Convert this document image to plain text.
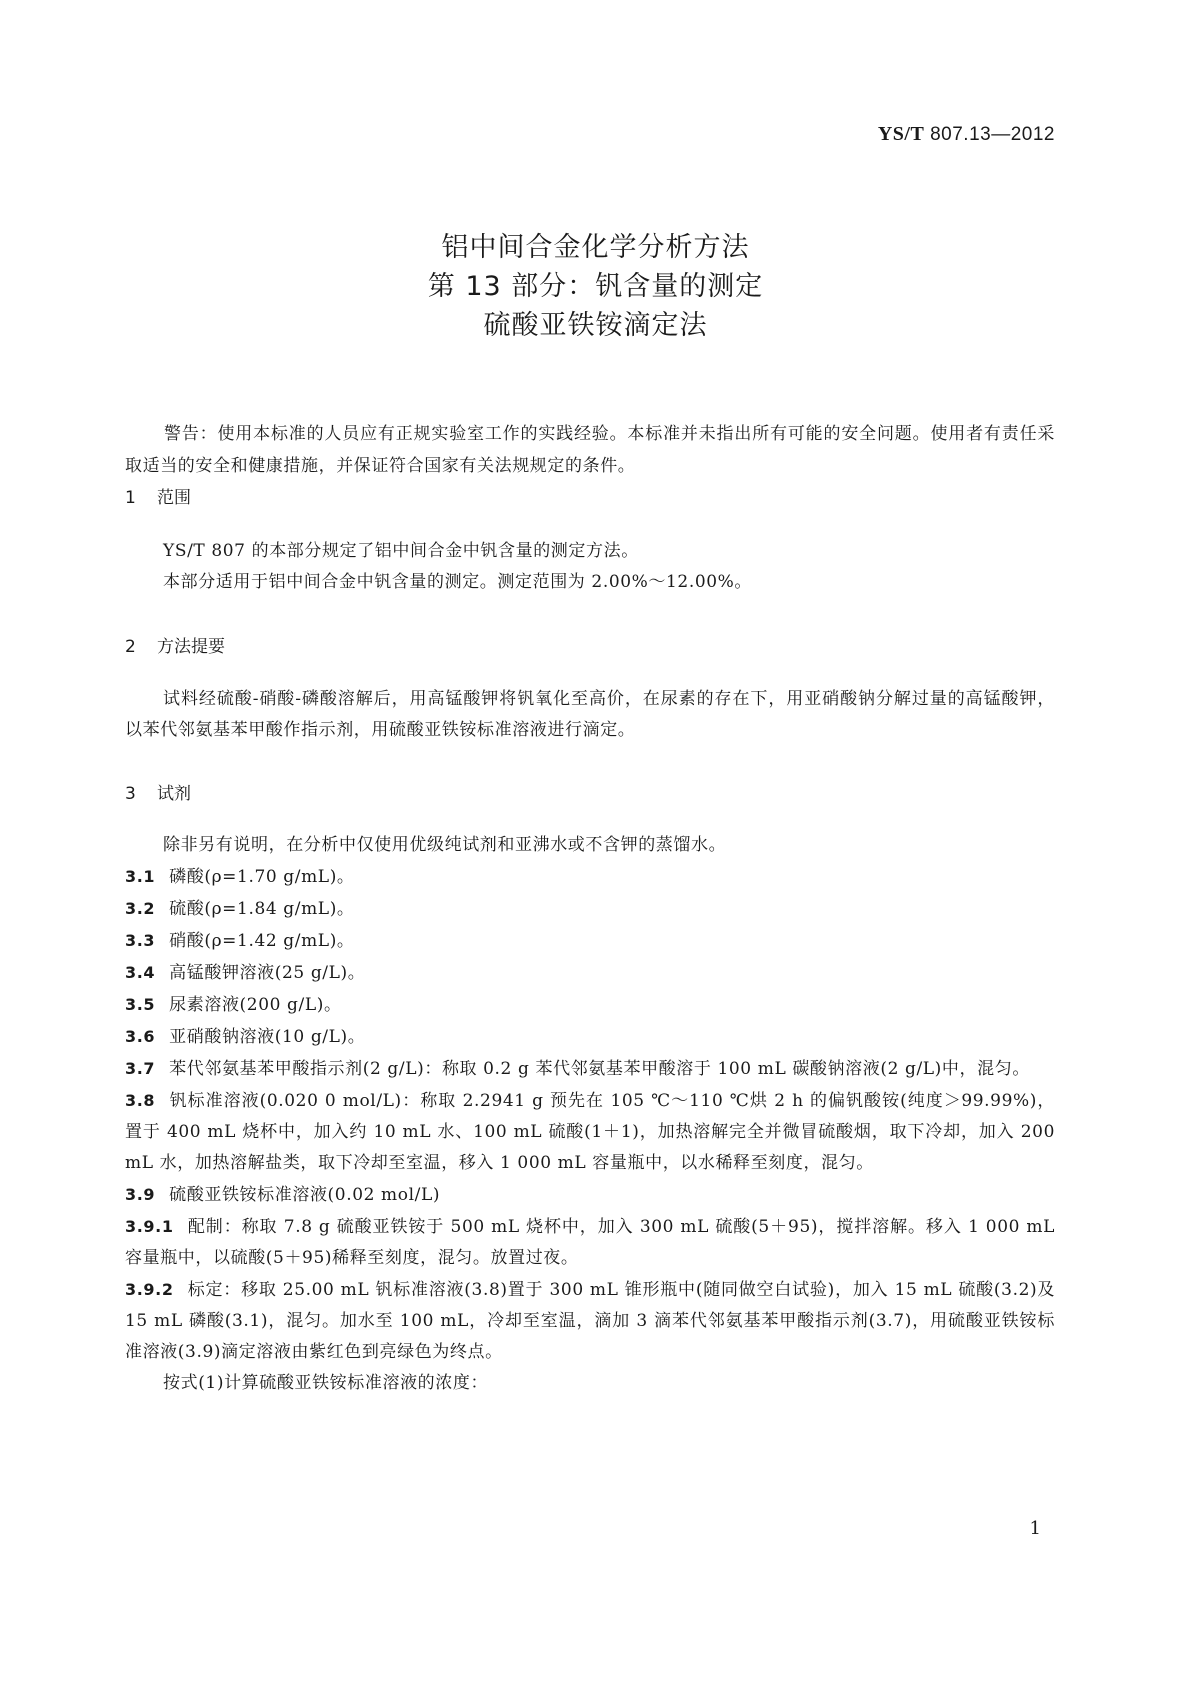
YS/T 807.13—2012
铝中间合金化学分析方法
第 13 部分：钒含量的测定
硫酸亚铁铵滴定法
警告：使用本标准的人员应有正规实验室工作的实践经验。本标准并未指出所有可能的安全问题。使用者有责任采取适当的安全和健康措施，并保证符合国家有关法规规定的条件。
1 范围

YS/T 807 的本部分规定了铝中间合金中钒含量的测定方法。

本部分适用于铝中间合金中钒含量的测定。测定范围为 2.00%～12.00%。

2 方法提要

试料经硫酸-硝酸-磷酸溶解后，用高锰酸钾将钒氧化至高价，在尿素的存在下，用亚硝酸钠分解过量的高锰酸钾，以苯代邻氨基苯甲酸作指示剂，用硫酸亚铁铵标准溶液进行滴定。

3 试剂

除非另有说明，在分析中仅使用优级纯试剂和亚沸水或不含钾的蒸馏水。

3.1 磷酸(ρ=1.70 g/mL)。

3.2 硫酸(ρ=1.84 g/mL)。

3.3 硝酸(ρ=1.42 g/mL)。

3.4 高锰酸钾溶液(25 g/L)。

3.5 尿素溶液(200 g/L)。

3.6 亚硝酸钠溶液(10 g/L)。

3.7 苯代邻氨基苯甲酸指示剂(2 g/L)：称取 0.2 g 苯代邻氨基苯甲酸溶于 100 mL 碳酸钠溶液(2 g/L)中，混匀。

3.8 钒标准溶液(0.020 0 mol/L)：称取 2.2941 g 预先在 105 ℃～110 ℃烘 2 h 的偏钒酸铵(纯度＞99.99%)，置于 400 mL 烧杯中，加入约 10 mL 水、100 mL 硫酸(1＋1)，加热溶解完全并微冒硫酸烟，取下冷却，加入 200 mL 水，加热溶解盐类，取下冷却至室温，移入 1 000 mL 容量瓶中，以水稀释至刻度，混匀。

3.9 硫酸亚铁铵标准溶液(0.02 mol/L)

3.9.1 配制：称取 7.8 g 硫酸亚铁铵于 500 mL 烧杯中，加入 300 mL 硫酸(5＋95)，搅拌溶解。移入 1 000 mL容量瓶中，以硫酸(5＋95)稀释至刻度，混匀。放置过夜。

3.9.2 标定：移取 25.00 mL 钒标准溶液(3.8)置于 300 mL 锥形瓶中(随同做空白试验)，加入 15 mL 硫酸(3.2)及 15 mL 磷酸(3.1)，混匀。加水至 100 mL，冷却至室温，滴加 3 滴苯代邻氨基苯甲酸指示剂(3.7)，用硫酸亚铁铵标准溶液(3.9)滴定溶液由紫红色到亮绿色为终点。

按式(1)计算硫酸亚铁铵标准溶液的浓度：

1
